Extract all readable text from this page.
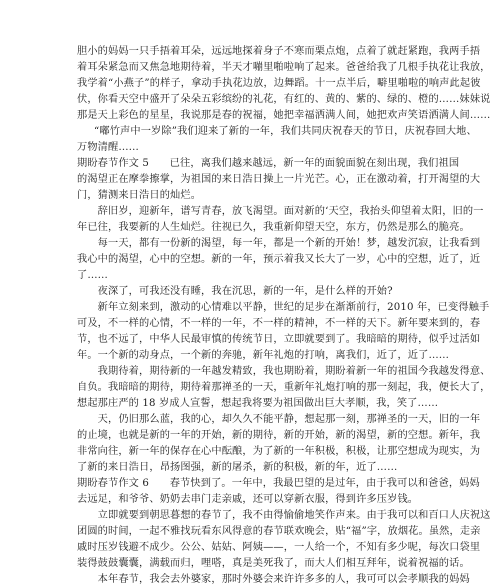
胆小的妈妈一只手捂着耳朵，远远地探着身子不寒而栗点炮，点着了就赶紧跑，我两手捂
着耳朵紧急而又焦急地期待着，半天才嘣里啪啦响了起来。爸爸给我了几根手执花让我放，
我学着“小燕子”的样子，拿动手执花边放，边舞蹈。十一点半后，噼里啪啦的响声此起彼
伏，你看天空中盛开了朵朵五彩缤纷的礼花，有红的、黄的、紫的、绿的、橙的……妹妹说
那是天上彩色的星星，我说那是春的祝福，她把幸福洒满人间，她把欢声笑语洒满人间……
“嘟竹声中一岁除”我们迎来了新的一年，我们共同庆祝春天的节日，庆祝春回大地、
万物清醒……
期盼春节作文 5　　已往，离我们越来越远，新一年的面貌面貌在刻出现，我们祖国
的渴望正在摩拳擦掌，为祖国的来日浩日操上一片光芒。心，正在激动着，打开渴望的大
门，猜测来日浩日的灿烂。
　　辞旧岁，迎新年，谱写青春，放飞渴望。面对新的‘天空，我抬头仰望着太阳，旧的一
年已往，我要新的人生灿烂。往视已久，我重新仰望天空，东方，仍然是那么的脆亮。
　　每一天，都有一份新的渴望，每一年，都是一个新的开始！梦，越发沉寂，让我看到
我心中的渴望，心中的空想。新的一年，预示着我又长大了一岁，心中的空想，近了，近
了……
　　夜深了，可我还没有睡，我在沉思，新的一年，是什么样的开始?
　　新年立刻来到，激动的心情难以平静，世纪的足步在渐渐前行，2010 年，已变得触手
可及，不一样的心情，不一样的一年，不一样的精神，不一样的天下。新年要来到的，春
节，也不远了，中华人民最审慎的传统节日，立即就要到了。我暗暗的期待，似乎过活如
年。一个新的动身点，一个新的奔驰，新年礼炮的打响，离我们，近了，近了……
　　我期待着，期待新的一年越发精致，我也期盼着，期盼着新一年的祖国今我越发得意、
自负。我暗暗的期待，期待着那禅圣的一天，重新年礼炮打响的那一刻起，我，便长大了，
想起那庄严的 18 岁成人宣誓，想起我将要为祖国做出巨大孝顺，我，笑了……
　　天，仍旧那么蓝，我的心，却久久不能平静，想起那一刻，那禅圣的一天，旧的一年
的止境，也就是新的一年的开始，新的期待，新的开始，新的渴望，新的空想。新年，我
非常向往，新一年的保存在心中酝酿，为了新的一年积极，积极，让那空想成为现实，为
了新的来日浩日，昂扬图强，新的屠杀，新的积极，新的年，近了……
期盼春节作文 6　　春节快到了。一年中，我最巴望的是过年，由于我可以和爸爸，妈妈
去远足，和爷爷、奶奶去串门走亲戚，还可以穿新衣服，得到许多压岁钱。
　　立即就要到朝思暮想的春节了，我不由得愉偷地笑作声来。由于我可以和百口人庆祝这
团圆的时间，一起不雅找玩看东风得意的春节联欢晚会，贴“福”字，放烟花。虽然，走亲
戚时压岁钱避不成少。公公、姑姑、阿姨——，一人给一个，不知有多少呢，每次口袋里
装得鼓鼓囊囊，满载而归，哩嗒，真是美死我了，而大人们相互拜年，说着祝福的话。
　　本年春节，我会去外婆家，那时外婆会来许许多多的人，我可可以会孝顺我的妈妈
